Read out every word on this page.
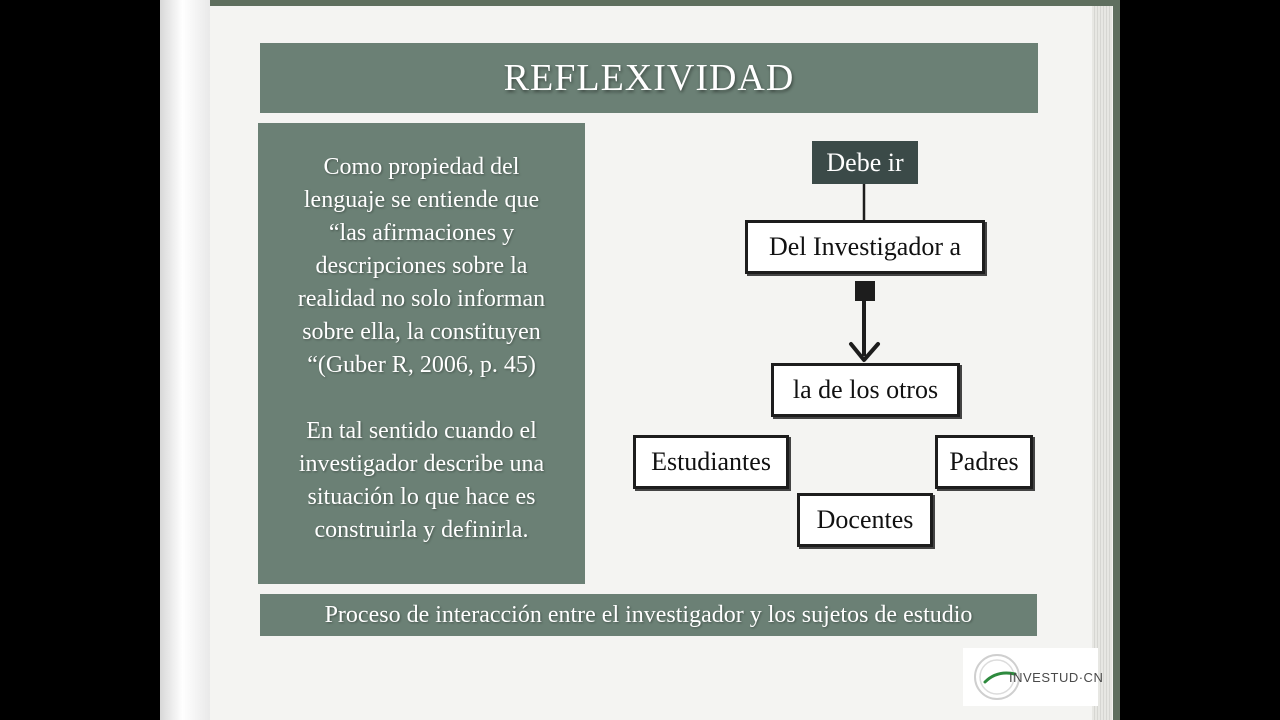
REFLEXIVIDAD

Como propiedad del
lenguaje se entiende que
“las afirmaciones y
descripciones sobre la
realidad no solo informan
sobre ella, la constituyen
“(Guber R, 2006, p. 45)

En tal sentido cuando el
investigador describe una
situación lo que hace es
construirla y definirla.

Debe ir
Del Investigador a
la de los otros
Estudiantes	Padres
Docentes
Proceso de interacción entre el investigador y los sujetos de estudio
INVESTUD·CN
